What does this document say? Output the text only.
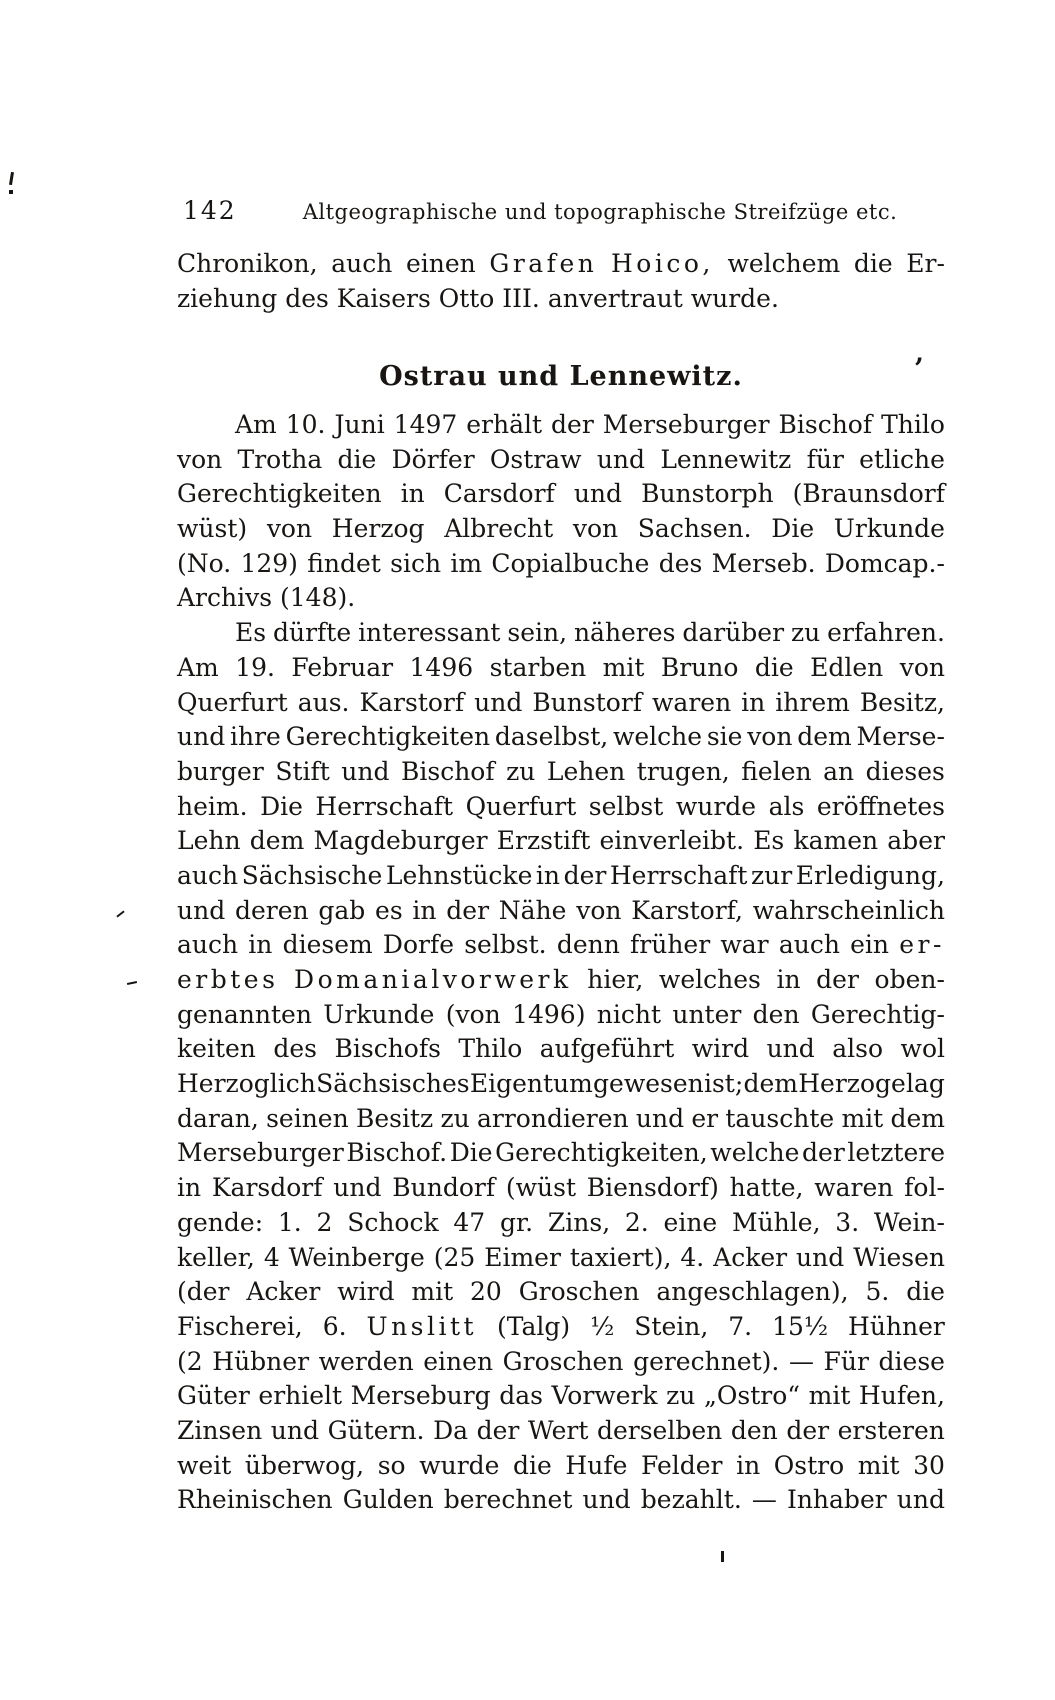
142	Altgeographische und topographische Streifzüge etc.
Chronikon, auch einen Grafen Hoico, welchem die Er-
ziehung des Kaisers Otto III. anvertraut wurde.
Ostrau und Lennewitz.	’
Am 10. Juni 1497 erhält der Merseburger Bischof Thilo
von Trotha die Dörfer Ostraw und Lennewitz für etliche
Gerechtigkeiten in Carsdorf und Bunstorph (Braunsdorf
wüst) von Herzog Albrecht von Sachsen. Die Urkunde
(No. 129) findet sich im Copialbuche des Merseb. Domcap.-
Archivs (148).
Es dürfte interessant sein, näheres darüber zu erfahren.
Am 19. Februar 1496 starben mit Bruno die Edlen von
Querfurt aus. Karstorf und Bunstorf waren in ihrem Besitz,
und ihre Gerechtigkeiten daselbst, welche sie von dem Merse-
burger Stift und Bischof zu Lehen trugen, fielen an dieses
heim. Die Herrschaft Querfurt selbst wurde als eröffnetes
Lehn dem Magdeburger Erzstift einverleibt. Es kamen aber
auch Sächsische Lehnstücke in der Herrschaft zur Erledigung,
und deren gab es in der Nähe von Karstorf, wahrscheinlich
auch in diesem Dorfe selbst. denn früher war auch ein er-
erbtes Domanialvorwerk hier, welches in der oben-
genannten Urkunde (von 1496) nicht unter den Gerechtig-
keiten des Bischofs Thilo aufgeführt wird und also wol
Herzoglich Sächsisches Eigentum gewesen ist; dem Herzoge lag
daran, seinen Besitz zu arrondieren und er tauschte mit dem
Merseburger Bischof. Die Gerechtigkeiten, welche der letztere
in Karsdorf und Bundorf (wüst Biensdorf) hatte, waren fol-
gende: 1. 2 Schock 47 gr. Zins, 2. eine Mühle, 3. Wein-
keller, 4 Weinberge (25 Eimer taxiert), 4. Acker und Wiesen
(der Acker wird mit 20 Groschen angeschlagen), 5. die
Fischerei, 6. Unslitt (Talg) ½ Stein, 7. 15½ Hühner
(2 Hübner werden einen Groschen gerechnet). — Für diese
Güter erhielt Merseburg das Vorwerk zu „Ostro“ mit Hufen,
Zinsen und Gütern. Da der Wert derselben den der ersteren
weit überwog, so wurde die Hufe Felder in Ostro mit 30
Rheinischen Gulden berechnet und bezahlt. — Inhaber und
